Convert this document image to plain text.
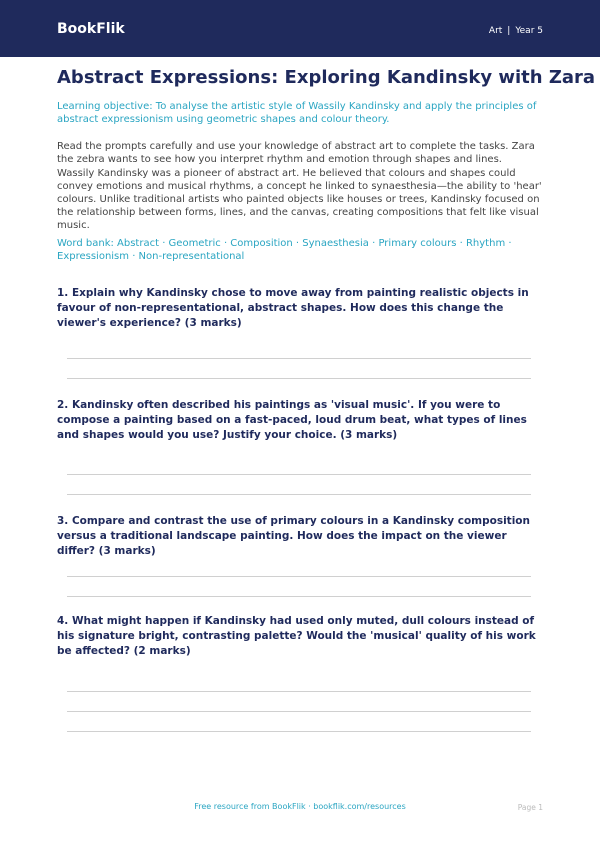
BookFlik	Art | Year 5
Abstract Expressions: Exploring Kandinsky with Zara

Learning objective: To analyse the artistic style of Wassily Kandinsky and apply the principles of abstract expressionism using geometric shapes and colour theory.

Read the prompts carefully and use your knowledge of abstract art to complete the tasks. Zara the zebra wants to see how you interpret rhythm and emotion through shapes and lines.

Wassily Kandinsky was a pioneer of abstract art. He believed that colours and shapes could convey emotions and musical rhythms, a concept he linked to synaesthesia—the ability to 'hear' colours. Unlike traditional artists who painted objects like houses or trees, Kandinsky focused on the relationship between forms, lines, and the canvas, creating compositions that felt like visual music.

Word bank: Abstract · Geometric · Composition · Synaesthesia · Primary colours · Rhythm · Expressionism · Non-representational

1. Explain why Kandinsky chose to move away from painting realistic objects in favour of non-representational, abstract shapes. How does this change the viewer's experience? (3 marks)

2. Kandinsky often described his paintings as 'visual music'. If you were to compose a painting based on a fast-paced, loud drum beat, what types of lines and shapes would you use? Justify your choice. (3 marks)

3. Compare and contrast the use of primary colours in a Kandinsky composition versus a traditional landscape painting. How does the impact on the viewer differ? (3 marks)

4. What might happen if Kandinsky had used only muted, dull colours instead of his signature bright, contrasting palette? Would the 'musical' quality of his work be affected? (2 marks)

Free resource from BookFlik · bookflik.com/resources	Page 1
